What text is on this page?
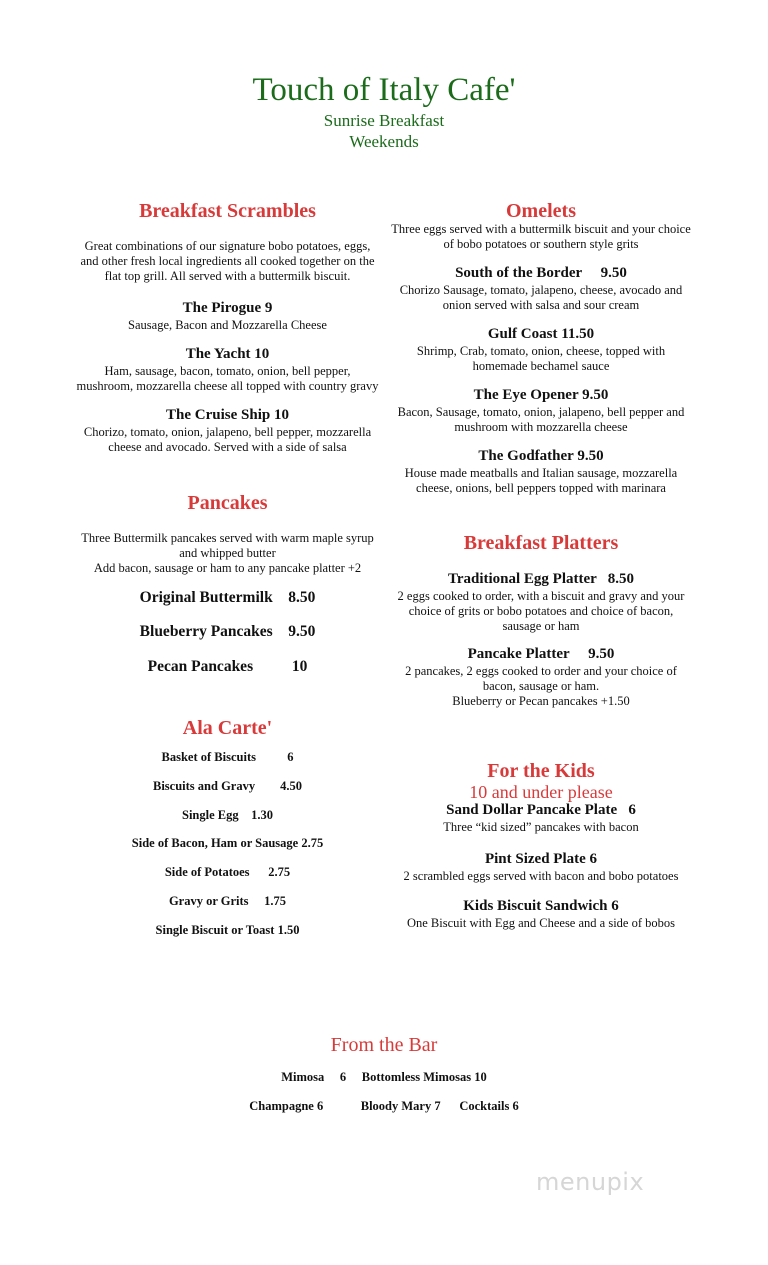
Touch of Italy Cafe'
Sunrise Breakfast
Weekends
Breakfast Scrambles
Great combinations of our signature bobo potatoes, eggs,
and other fresh local ingredients all cooked together on the
flat top grill. All served with a buttermilk biscuit.
The Pirogue 9
Sausage, Bacon and Mozzarella Cheese
The Yacht 10
Ham, sausage, bacon, tomato, onion, bell pepper,
mushroom, mozzarella cheese all topped with country gravy
The Cruise Ship 10
Chorizo, tomato, onion, jalapeno, bell pepper, mozzarella
cheese and avocado. Served with a side of salsa
Pancakes
Three Buttermilk pancakes served with warm maple syrup
and whipped butter
Add bacon, sausage or ham to any pancake platter +2
Original Buttermilk    8.50
Blueberry Pancakes    9.50
Pecan Pancakes          10
Ala Carte'
Basket of Biscuits          6
Biscuits and Gravy        4.50
Single Egg    1.30
Side of Bacon, Ham or Sausage 2.75
Side of Potatoes      2.75
Gravy or Grits     1.75
Single Biscuit or Toast 1.50
Omelets
Three eggs served with a buttermilk biscuit and your choice
of bobo potatoes or southern style grits
South of the Border     9.50
Chorizo Sausage, tomato, jalapeno, cheese, avocado and
onion served with salsa and sour cream
Gulf Coast 11.50
Shrimp, Crab, tomato, onion, cheese, topped with
homemade bechamel sauce
The Eye Opener 9.50
Bacon, Sausage, tomato, onion, jalapeno, bell pepper and
mushroom with mozzarella cheese
The Godfather 9.50
House made meatballs and Italian sausage, mozzarella
cheese, onions, bell peppers topped with marinara
Breakfast Platters
Traditional Egg Platter   8.50
2 eggs cooked to order, with a biscuit and gravy and your
choice of grits or bobo potatoes and choice of bacon,
sausage or ham
Pancake Platter     9.50
2 pancakes, 2 eggs cooked to order and your choice of
bacon, sausage or ham.
Blueberry or Pecan pancakes +1.50
For the Kids
10 and under please
Sand Dollar Pancake Plate   6
Three “kid sized” pancakes with bacon
Pint Sized Plate 6
2 scrambled eggs served with bacon and bobo potatoes
Kids Biscuit Sandwich 6
One Biscuit with Egg and Cheese and a side of bobos
From the Bar
Mimosa     6     Bottomless Mimosas 10
Champagne 6            Bloody Mary 7      Cocktails 6
menupix
